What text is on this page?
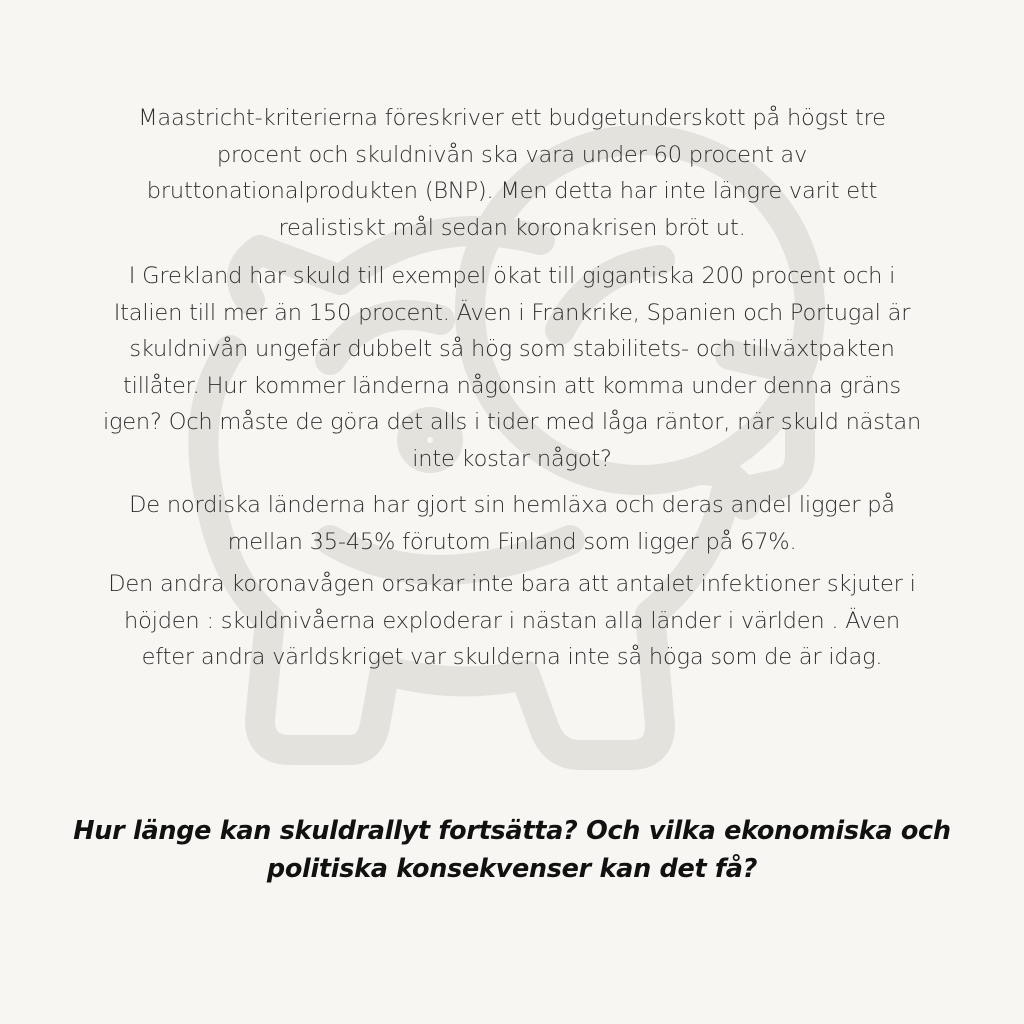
Maastricht-kriterierna föreskriver ett budgetunderskott på högst tre procent och skuldnivån ska vara under 60 procent av bruttonationalprodukten (BNP). Men detta har inte längre varit ett realistiskt mål sedan koronakrisen bröt ut.

I Grekland har skuld till exempel ökat till gigantiska 200 procent och i Italien till mer än 150 procent. Även i Frankrike, Spanien och Portugal är skuldnivån ungefär dubbelt så hög som stabilitets- och tillväxtpakten tillåter. Hur kommer länderna någonsin att komma under denna gräns igen? Och måste de göra det alls i tider med låga räntor, när skuld nästan inte kostar något?

De nordiska länderna har gjort sin hemläxa och deras andel ligger på mellan 35-45% förutom Finland som ligger på 67%.

Den andra koronavågen orsakar inte bara att antalet infektioner skjuter i höjden : skuldnivåerna exploderar i nästan alla länder i världen . Även efter andra världskriget var skulderna inte så höga som de är idag.

Hur länge kan skuldrallyt fortsätta? Och vilka ekonomiska och politiska konsekvenser kan det få?
